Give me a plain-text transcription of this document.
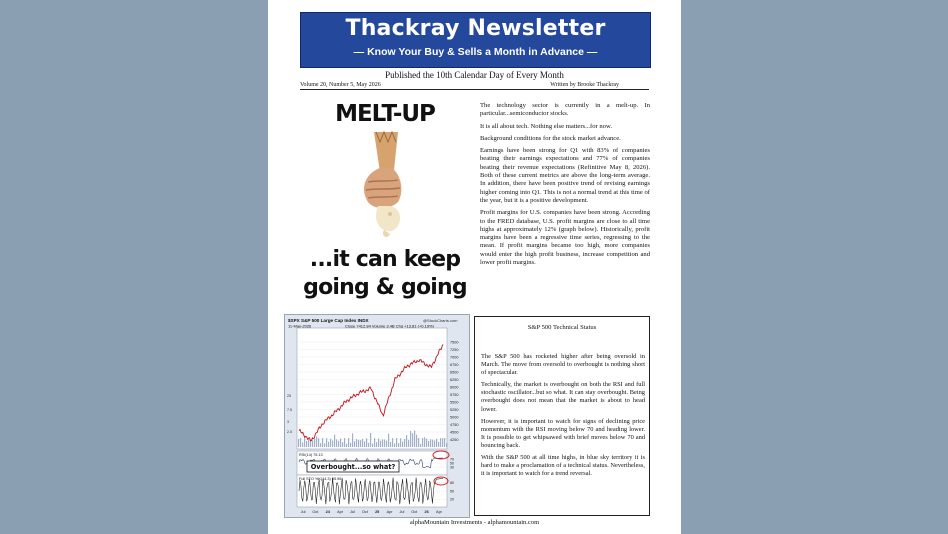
Thackray Newsletter
— Know Your Buy & Sells a Month in Advance —
Published the 10th Calendar Day of Every Month
Volume 20, Number 5, May 2026	Written by Brooke Thackray
MELT-UP
...it can keep
going & going

The technology sector is currently in a melt-up. In particular...semiconductor stocks.

It is all about tech. Nothing else matters...for now.

Background conditions for the stock market advance.

Earnings have been strong for Q1 with 83% of companies beating their earnings expectations and 77% of companies beating their revenue expectations (Refinitive May 8, 2026). Both of these current metrics are above the long-term average. In addition, there have been positive trend of revising earnings higher coming into Q1. This is not a normal trend at this time of the year, but it is a positive development.

Profit margins for U.S. companies have been strong. According to the FRED database, U.S. profit margins are close to all time highs at approximately 12% (graph below). Historically, profit margins have been a regressive time series, regressing to the mean. If profit margins became too high, more companies would enter the high profit business, increase competition and lower profit margins.

$SPX S&P 500 Large Cap Index INDX	@StockCharts.com
11-May-2026	Close 7412.84 Volume 3.4B Chg +13.81 (+0.19%)
7500
7250
7000
6750
6500
6250
6000
5750
5500
5250
5000
4750
4500
4250
25
7.5
3
2.5
RSI(14) 75.13
70
50
30
Overbought...so what?
Full STO %K(14,3) 95.96
80
50
20
Jul Oct 24 Apr Jul Oct 25 Apr Jul Oct 26 Apr
S&P 500 Technical Status

The S&P 500 has rocketed higher after being oversold in March. The move from oversold to overbought is nothing short of spectacular.

Technically, the market is overbought on both the RSI and full stochastic oscillator...but so what. It can stay overbought. Being overbought does not mean that the market is about to head lower.

However, it is important to watch for signs of declining price momentum with the RSI moving below 70 and heading lower. It is possible to get whipsawed with brief moves below 70 and bouncing back.

With the S&P 500 at all time highs, in blue sky territory it is hard to make a proclamation of a technical status. Nevertheless, it is important to watch for a trend reversal.

alphaMountain Investments - alphamountain.com
